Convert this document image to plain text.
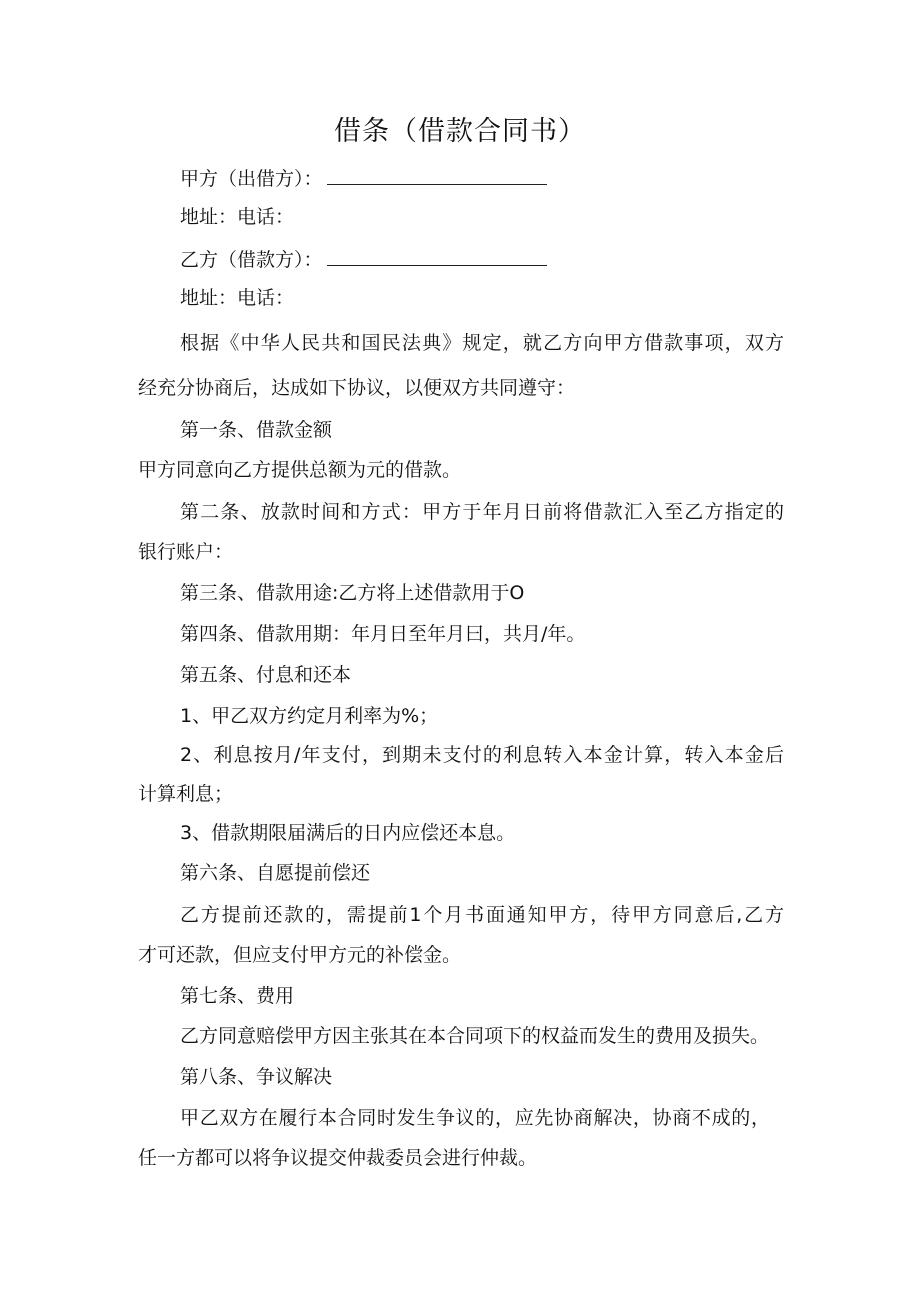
借条（借款合同书）
甲方（出借方）：
地址：电话：
乙方（借款方）：
地址：电话：
根据《中华人民共和国民法典》规定，就乙方向甲方借款事项，双方
经充分协商后，达成如下协议，以便双方共同遵守：
第一条、借款金额
甲方同意向乙方提供总额为元的借款。
第二条、放款时间和方式：甲方于年月日前将借款汇入至乙方指定的
银行账户：
第三条、借款用途:乙方将上述借款用于O
第四条、借款用期：年月日至年月曰，共月/年。
第五条、付息和还本
1、甲乙双方约定月利率为%；
2、利息按月/年支付，到期未支付的利息转入本金计算，转入本金后
计算利息；
3、借款期限届满后的日内应偿还本息。
第六条、自愿提前偿还
乙方提前还款的，需提前1个月书面通知甲方，待甲方同意后,乙方
才可还款，但应支付甲方元的补偿金。
第七条、费用
乙方同意赔偿甲方因主张其在本合同项下的权益而发生的费用及损失。
第八条、争议解决
甲乙双方在履行本合同时发生争议的，应先协商解决，协商不成的，
任一方都可以将争议提交仲裁委员会进行仲裁。
